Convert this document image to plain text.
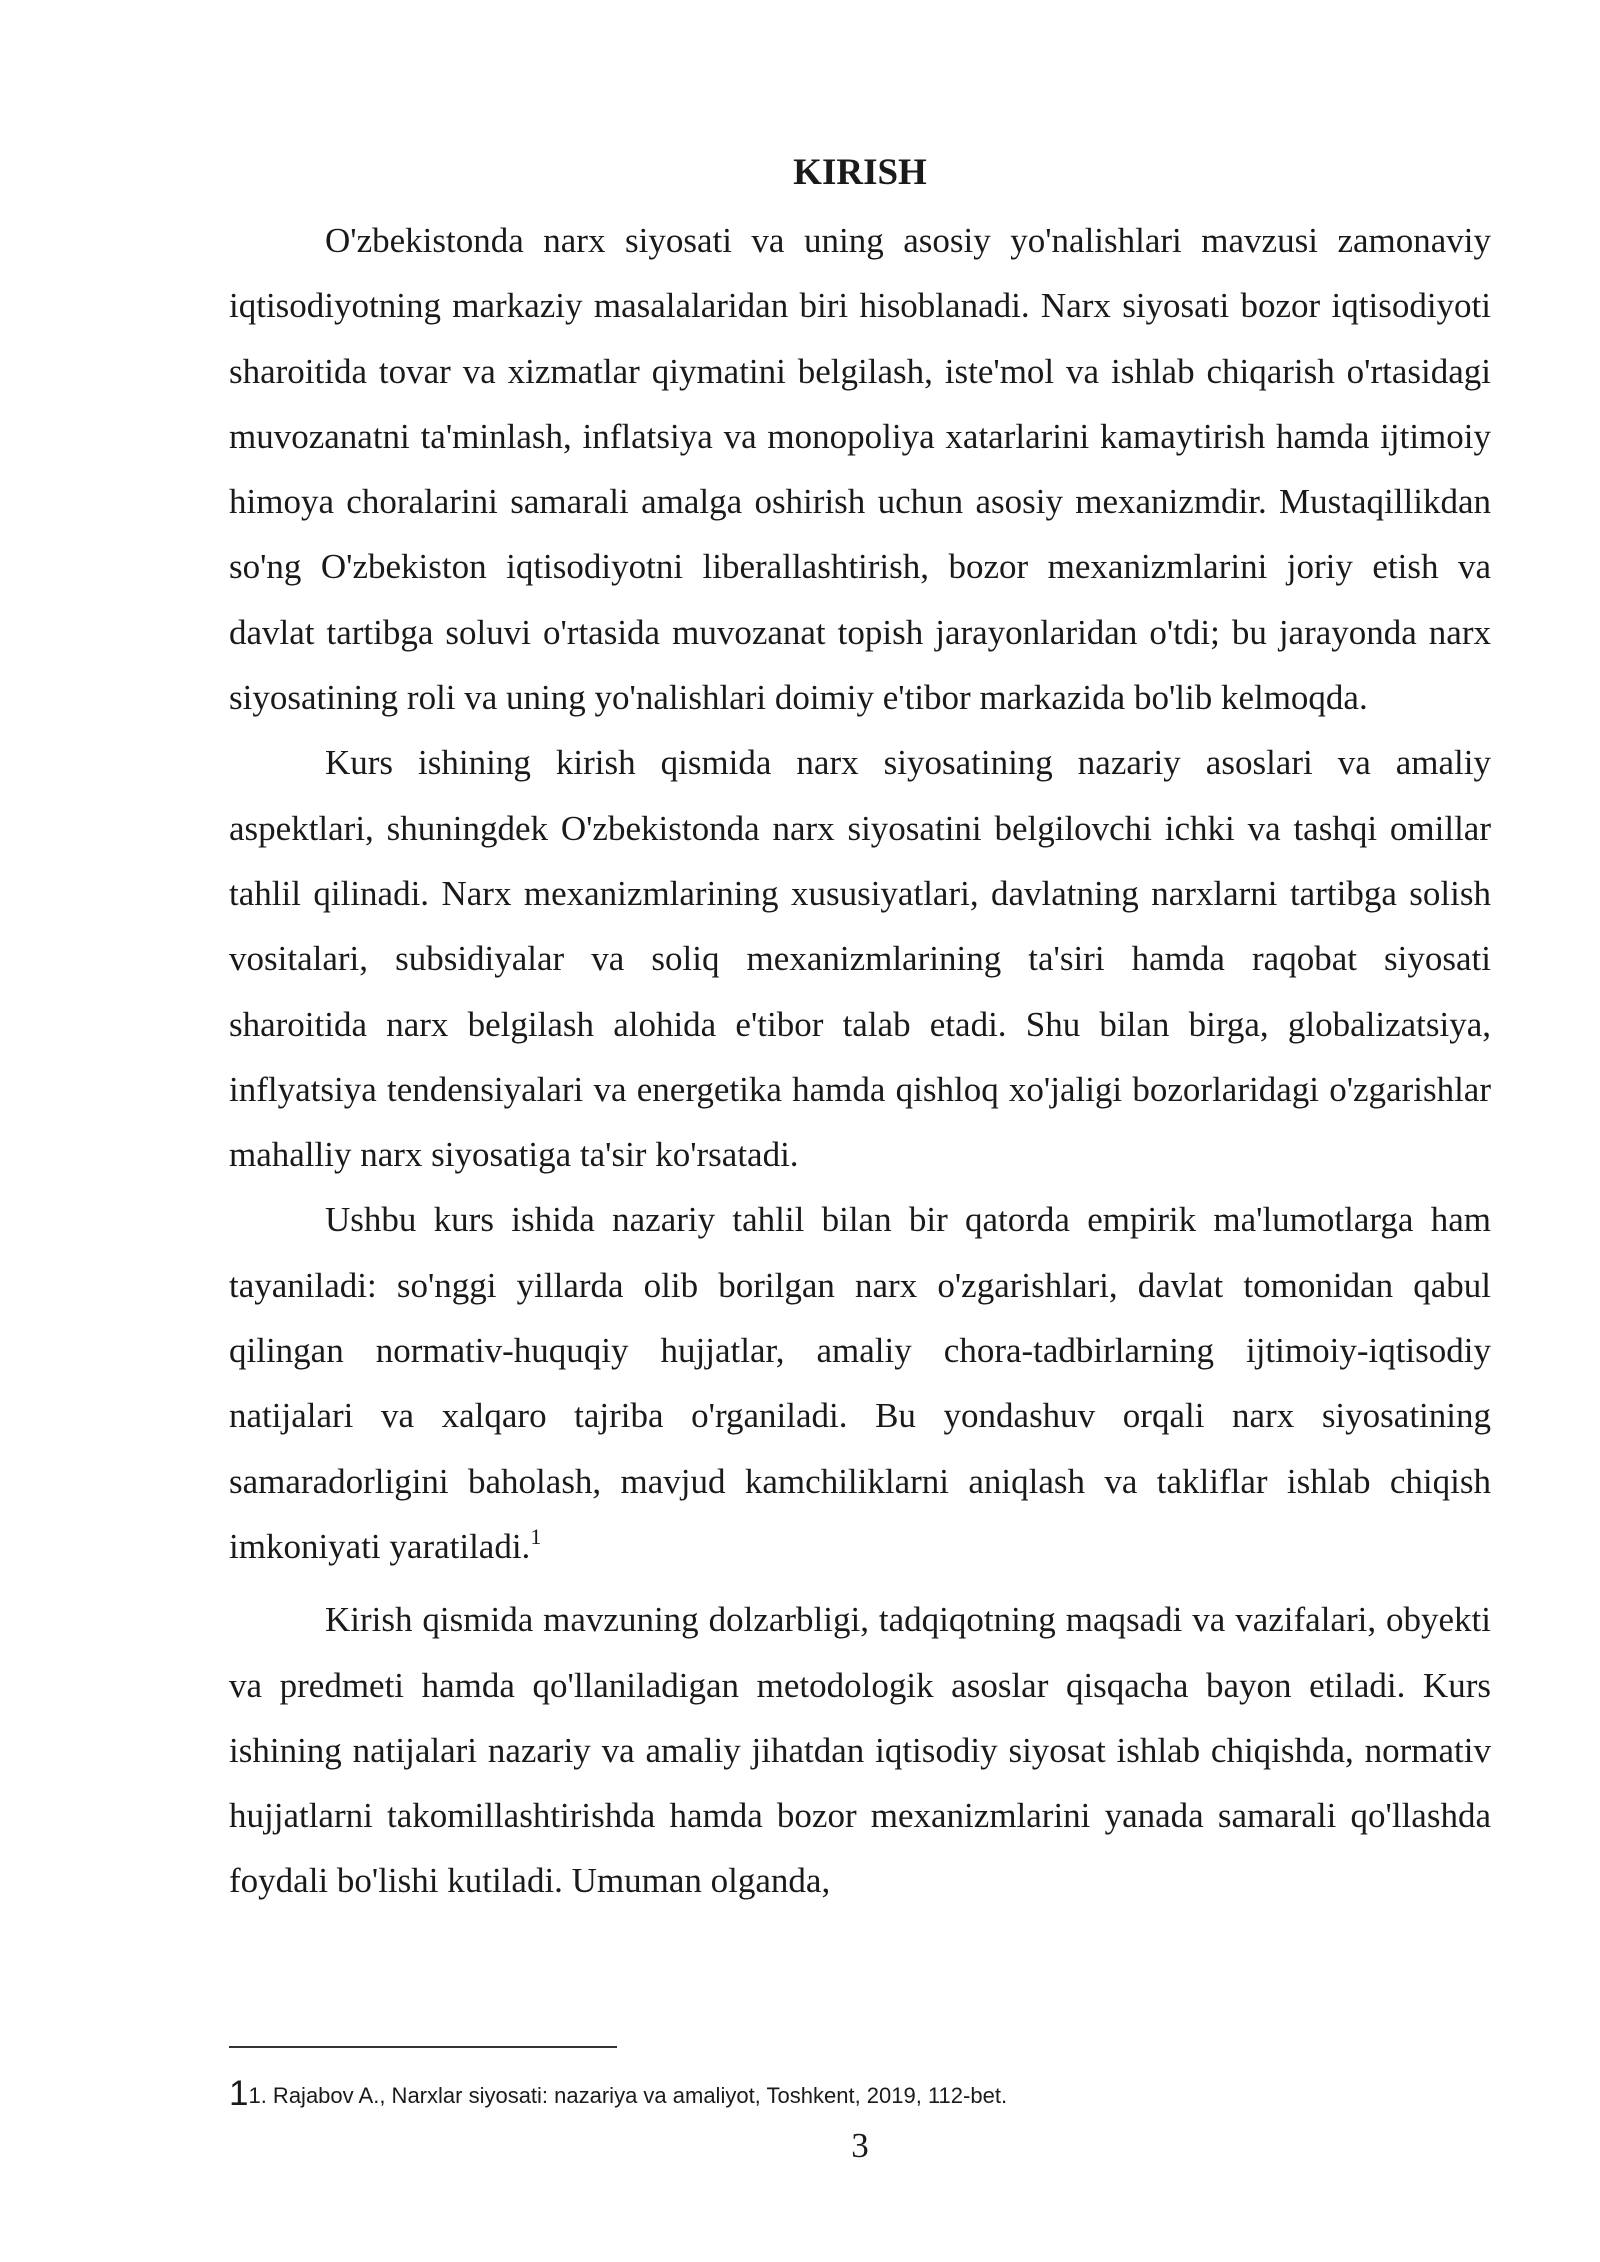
KIRISH

O'zbekistonda narx siyosati va uning asosiy yo'nalishlari mavzusi zamonaviy iqtisodiyotning markaziy masalalaridan biri hisoblanadi. Narx siyosati bozor iqtisodiyoti sharoitida tovar va xizmatlar qiymatini belgilash, iste'mol va ishlab chiqarish o'rtasidagi muvozanatni ta'minlash, inflatsiya va monopoliya xatarlarini kamaytirish hamda ijtimoiy himoya choralarini samarali amalga oshirish uchun asosiy mexanizmdir. Mustaqillikdan so'ng O'zbekiston iqtisodiyotni liberallashtirish, bozor mexanizmlarini joriy etish va davlat tartibga soluvi o'rtasida muvozanat topish jarayonlaridan o'tdi; bu jarayonda narx siyosatining roli va uning yo'nalishlari doimiy e'tibor markazida bo'lib kelmoqda.

Kurs ishining kirish qismida narx siyosatining nazariy asoslari va amaliy aspektlari, shuningdek O'zbekistonda narx siyosatini belgilovchi ichki va tashqi omillar tahlil qilinadi. Narx mexanizmlarining xususiyatlari, davlatning narxlarni tartibga solish vositalari, subsidiyalar va soliq mexanizmlarining ta'siri hamda raqobat siyosati sharoitida narx belgilash alohida e'tibor talab etadi. Shu bilan birga, globalizatsiya, inflyatsiya tendensiyalari va energetika hamda qishloq xo'jaligi bozorlaridagi o'zgarishlar mahalliy narx siyosatiga ta'sir ko'rsatadi.

Ushbu kurs ishida nazariy tahlil bilan bir qatorda empirik ma'lumotlarga ham tayaniladi: so'nggi yillarda olib borilgan narx o'zgarishlari, davlat tomonidan qabul qilingan normativ-huquqiy hujjatlar, amaliy chora-tadbirlarning ijtimoiy-iqtisodiy natijalari va xalqaro tajriba o'rganiladi. Bu yondashuv orqali narx siyosatining samaradorligini baholash, mavjud kamchiliklarni aniqlash va takliflar ishlab chiqish imkoniyati yaratiladi.$^1$

Kirish qismida mavzuning dolzarbligi, tadqiqotning maqsadi va vazifalari, obyekti va predmeti hamda qo'llaniladigan metodologik asoslar qisqacha bayon etiladi. Kurs ishining natijalari nazariy va amaliy jihatdan iqtisodiy siyosat ishlab chiqishda, normativ hujjatlarni takomillashtirishda hamda bozor mexanizmlarini yanada samarali qo'llashda foydali bo'lishi kutiladi. Umuman olganda,

11. Rajabov A., Narxlar siyosati: nazariya va amaliyot, Toshkent, 2019, 112-bet.
3
